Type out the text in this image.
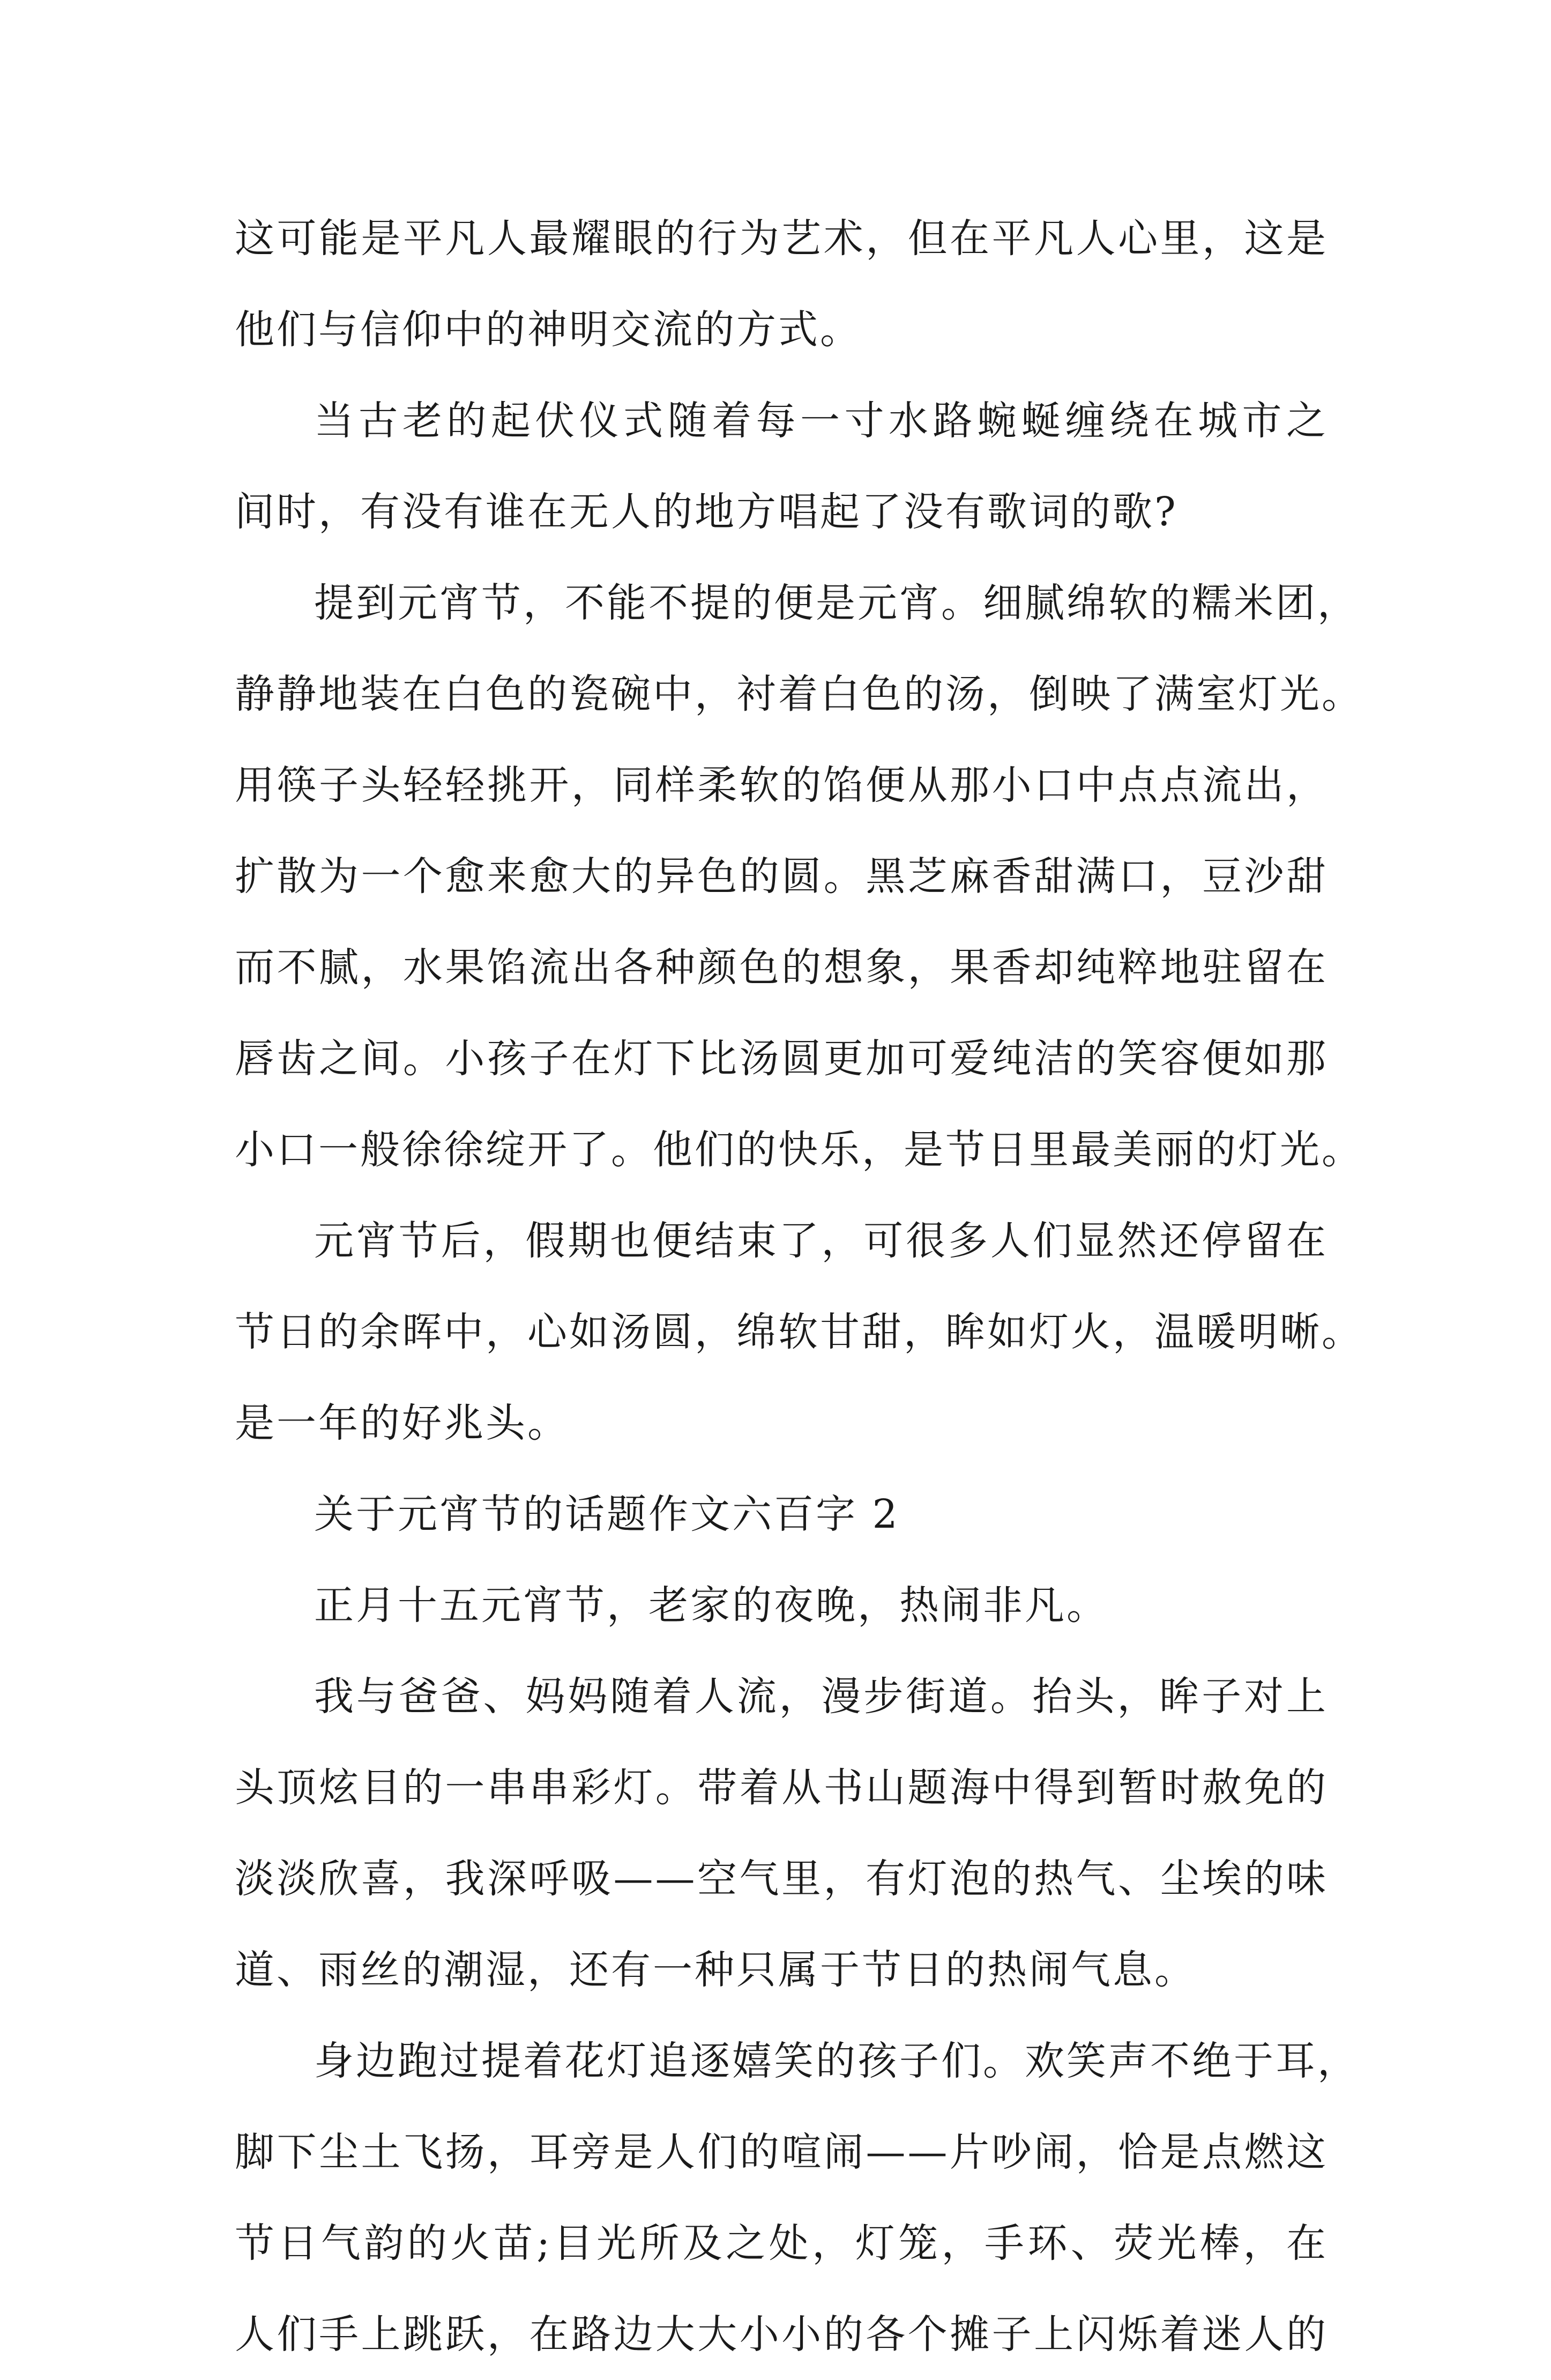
这可能是平凡人最耀眼的行为艺术，但在平凡人心里，这是
他们与信仰中的神明交流的方式。
当古老的起伏仪式随着每一寸水路蜿蜒缠绕在城市之
间时，有没有谁在无人的地方唱起了没有歌词的歌?
提到元宵节，不能不提的便是元宵。细腻绵软的糯米团，
静静地装在白色的瓷碗中，衬着白色的汤，倒映了满室灯光。
用筷子头轻轻挑开，同样柔软的馅便从那小口中点点流出，
扩散为一个愈来愈大的异色的圆。黑芝麻香甜满口，豆沙甜
而不腻，水果馅流出各种颜色的想象，果香却纯粹地驻留在
唇齿之间。小孩子在灯下比汤圆更加可爱纯洁的笑容便如那
小口一般徐徐绽开了。他们的快乐，是节日里最美丽的灯光。
元宵节后，假期也便结束了，可很多人们显然还停留在
节日的余晖中，心如汤圆，绵软甘甜，眸如灯火，温暖明晰。
是一年的好兆头。
关于元宵节的话题作文六百字 2
正月十五元宵节，老家的夜晚，热闹非凡。
我与爸爸、妈妈随着人流，漫步街道。抬头，眸子对上
头顶炫目的一串串彩灯。带着从书山题海中得到暂时赦免的
淡淡欣喜，我深呼吸——空气里，有灯泡的热气、尘埃的味
道、雨丝的潮湿，还有一种只属于节日的热闹气息。
身边跑过提着花灯追逐嬉笑的孩子们。欢笑声不绝于耳，
脚下尘土飞扬，耳旁是人们的喧闹——片吵闹，恰是点燃这
节日气韵的火苗;目光所及之处，灯笼，手环、荧光棒，在
人们手上跳跃，在路边大大小小的各个摊子上闪烁着迷人的
